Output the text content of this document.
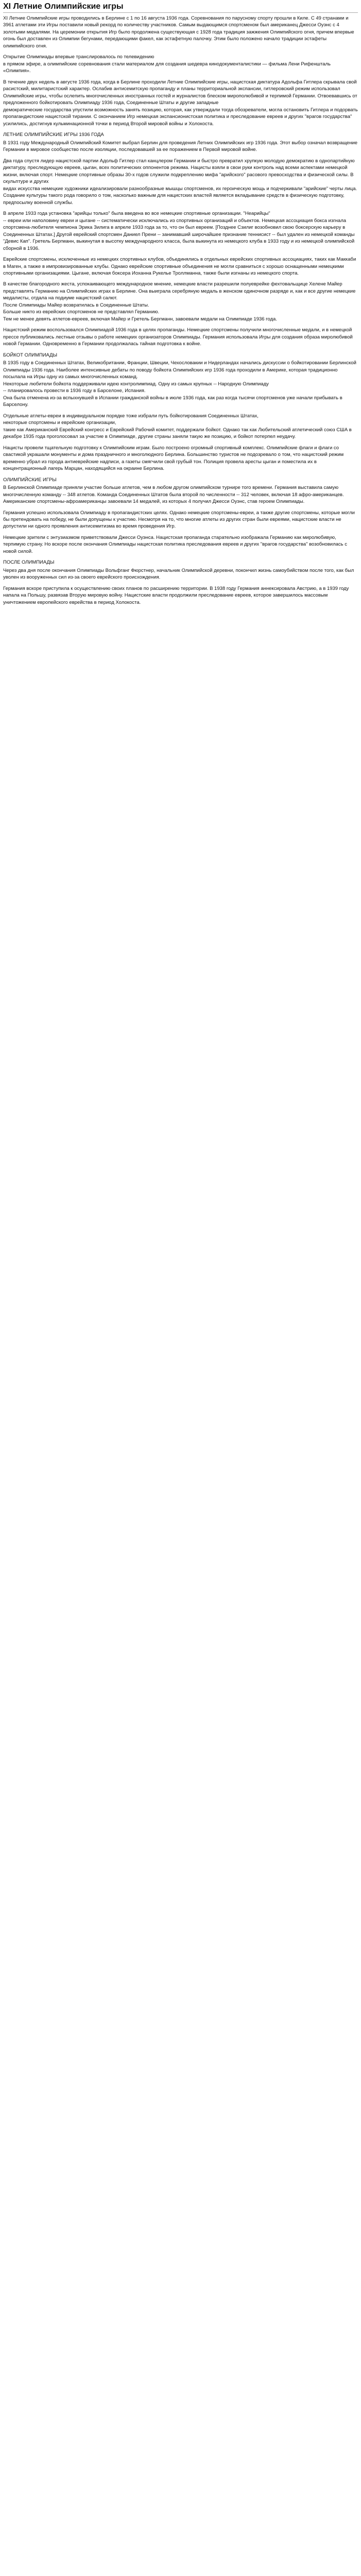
XI Летние Олимпийские игры

XI Летние Олимпийские игры проводились в Берлине с 1 по 16 августа 1936 года. Соревнования по парусному спорту прошли в Киле. С 49 странами и 3961 атлетами эти Игры поставили новый рекорд по количеству участников. Самым выдающимся спортсменом был американец Джесси Оуэнс с 4 золотыми медалями. На церемонии открытия Игр было продолжена существующая с 1928 года традиция зажжения Олимпийского огня, причем впервые огонь был доставлен из Олимпии бегунами, передающими факел, как эстафетную палочку. Этим было положено начало традиции эстафеты олимпийского огня.

Открытие Олимпиады впервые транслировалось по телевидению
в прямом эфире, а олимпийские соревнования стали материалом для создания шедевра кинодокументалистики — фильма Лени Рифеншталь «Олимпия».

В течение двух недель в августе 1936 года, когда в Берлине проходили Летние Олимпийские игры, нацистская диктатура Адольфа Гитлера скрывала свой расистский, милитаристский характер. Ослабив антисемитскую пропаганду и планы территориальной экспансии, гитлеровский режим использовал Олимпийские игры, чтобы ослепить многочисленных иностранных гостей и журналистов блеском мирополюбивой и терпимой Германии. Отвоевавшись от предложенного бойкотировать Олимпиаду 1936 года, Соединенные Штаты и другие западные
демократические государства упустили возможность занять позицию, которая, как утверждали тогда обозреватели, могла остановить Гитлера и подорвать пропагандистские нацистской тирании. С окончанием Игр немецкая экспансионистская политика и преследование евреев и других "врагов государства" усилились, достигнув кульминационной точки в период Второй мировой войны и Холокоста.

ЛЕТНИЕ ОЛИМПИЙСКИЕ ИГРЫ 1936 ГОДА

В 1931 году Международный Олимпийский Комитет выбрал Берлин для проведения Летних Олимпийских игр 1936 года. Этот выбор означал возвращение Германии в мировое сообщество после изоляции, последовавшей за ее поражением в Первой мировой войне.

Два года спустя лидер нацистской партии Адольф Гитлер стал канцлером Германии и быстро превратил хрупкую молодую демократию в однопартийную диктатуру, преследующую евреев, цыган, всех политических оппонентов режима. Нацисты взяли в свои руки контроль над всеми аспектами немецкой жизни, включая спорт. Немецкие спортивные образы 30-х годов служили подкреплению мифа "арийского" расового превосходства и физической силы. В скульптуре и других
видах искусства немецкие художники идеализировали разнообразные мышцы спортсменов, их героическую мощь и подчеркивали "арийские" черты лица. Создание культуры такого рода говорило о том, насколько важным для нацистских властей является вкладывание средств в физическую подготовку, предпосылку военной службы.

В апреле 1933 года установка "арийцы только" была введена во все немецкие спортивные организации. "Неарийцы"
-- евреи или наполовину евреи и цыгане -- систематически исключались из спортивных организаций и объектов. Немецкая ассоциация бокса изгнала спортсмена-любителя чемпиона Эрика Зилига в апреле 1933 года за то, что он был евреем. [Позднее Сзилиг возобновил свою боксерскую карьеру в Соединенных Штатах.] Другой еврейский спортсмен Даниел Прени -- занимавший широчайшее признание теннисист -- был удален из немецкой команды "Девис Кап". Гретель Бергманн, выкинутая в высотку международного класса, была выкинута из немецкого клуба в 1933 году и из немецкой олимпийской сборной в 1936.

Еврейские спортсмены, исключенные из немецких спортивных клубов, объединялись в отдельных еврейских спортивных ассоциациях, таких как Маккаби в Маген, а также в импровизированные клубы. Однако еврейские спортивные объединения не могли сравниться с хорошо оснащенными немецкими спортивными организациями. Цыгане, включая боксера Иоханна Рукелье Троллманна, также были изгнаны из немецкого спорта.

В качестве благородного жеста, успокаивающего международное мнение, немецкие власти разрешили полуеврейке фехтовальщице Хелене Майер представлять Германию на Олимпийских играх в Берлине. Она выиграла серебряную медаль в женском одиночном разряде и, как и все другие немецкие медалисты, отдала на подиуме нацистский салют.
После Олимпиады Майер возвратилась в Соединенные Штаты.
Больше никто из еврейских спортсменов не представлял Германию.
Тем не менее девять атлетов-евреев, включая Майер и Гретель Бергманн, завоевали медали на Олимпиаде 1936 года.

Нацистский режим воспользовался Олимпиадой 1936 года в целях пропаганды. Немецкие спортсмены получили многочисленные медали, и в немецкой прессе публиковались лестные отзывы о работе немецких организаторов Олимпиады. Германия использовала Игры для создания образа миролюбивой новой Германии. Одновременно в Германии продолжалась тайная подготовка к войне.

БОЙКОТ ОЛИМПИАДЫ

В 1935 году в Соединенных Штатах, Великобритании, Франции, Швеции, Чехословакии и Нидерландах начались дискуссии о бойкотировании Берлинской Олимпиады 1936 года. Наиболее интенсивные дебаты по поводу бойкота Олимпийских игр 1936 года проходили в Америке, которая традиционно посылала на Игры одну из самых многочисленных команд.
Некоторые любители бойкота поддерживали идею контролимпиад. Одну из самых крупных -- Народную Олимпиаду
-- планировалось провести в 1936 году в Барселоне, Испания.
Она была отменена из-за вспыхнувшей в Испании гражданской войны в июле 1936 года, как раз когда тысячи спортсменов уже начали прибывать в Барселону.

Отдельные атлеты-евреи в индивидуальном порядке тоже избрали путь бойкотирования Соединенных Штатах,
некоторые спортсмены и еврейские организации,
такие как Американский Еврейский конгресс и Еврейский Рабочий комитет, поддержали бойкот. Однако так как Любительский атлетический союз США в декабре 1935 года проголосовал за участие в Олимпиаде, другие страны заняли такую же позицию, и бойкот потерпел неудачу.

Нацисты провели тщательную подготовку к Олимпийским играм. Было построено огромный спортивный комплекс. Олимпийские флаги и флаги со свастикой украшали монументы и дома праздничного и многолюдного Берлина. Большинство туристов не подозревало о том, что нацистский режим временно убрал из города антиеврейские надписи, а газеты смягчили свой грубый тон. Полиция провела аресты цыган и поместила их в концентрационный лагерь Марцан, находящийся на окраине Берлина.

ОЛИМПИЙСКИЕ ИГРЫ

В Берлинской Олимпиаде приняли участие больше атлетов, чем в любом другом олимпийском турнире того времени. Германия выставила самую многочисленную команду -- 348 атлетов. Команда Соединенных Штатов была второй по численности -- 312 человек, включая 18 афро-американцев. Американские спортсмены-афроамериканцы завоевали 14 медалей, из которых 4 получил Джесси Оуэнс, став героем Олимпиады.

Германия успешно использовала Олимпиаду в пропагандистских целях. Однако немецкие спортсмены-евреи, а также другие спортсмены, которые могли бы претендовать на победу, не были допущены к участию. Несмотря на то, что многие атлеты из других стран были евреями, нацистские власти не допустили ни одного проявления антисемитизма во время проведения Игр.

Немецкие зрители с энтузиазмом приветствовали Джесси Оуэнса. Нацистская пропаганда старательно изображала Германию как миролюбивую, терпимую страну. Но вскоре после окончания Олимпиады нацистская политика преследования евреев и других "врагов государства" возобновилась с новой силой.

ПОСЛЕ ОЛИМПИАДЫ

Через два дня после окончания Олимпиады Вольфганг Фюрстнер, начальник Олимпийской деревни, покончил жизнь самоубийством после того, как был уволен из вооруженных сил из-за своего еврейского происхождения.

Германия вскоре приступила к осуществлению своих планов по расширению территории. В 1938 году Германия аннексировала Австрию, а в 1939 году напала на Польшу, развязав Вторую мировую войну. Нацистские власти продолжили преследование евреев, которое завершилось массовым уничтожением европейского еврейства в период Холокоста.
